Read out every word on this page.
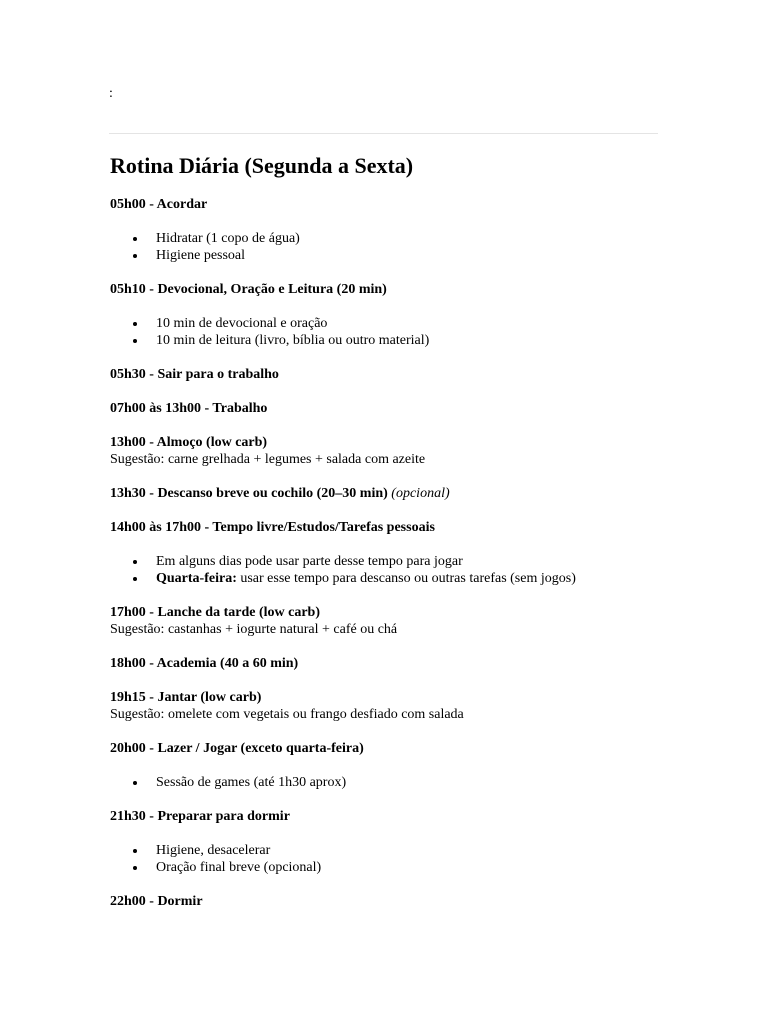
:
Rotina Diária (Segunda a Sexta)
05h00 - Acordar
Hidratar (1 copo de água)
Higiene pessoal
05h10 - Devocional, Oração e Leitura (20 min)
10 min de devocional e oração
10 min de leitura (livro, bíblia ou outro material)
05h30 - Sair para o trabalho
07h00 às 13h00 - Trabalho
13h00 - Almoço (low carb)
Sugestão: carne grelhada + legumes + salada com azeite
13h30 - Descanso breve ou cochilo (20–30 min) (opcional)
14h00 às 17h00 - Tempo livre/Estudos/Tarefas pessoais
Em alguns dias pode usar parte desse tempo para jogar
Quarta-feira: usar esse tempo para descanso ou outras tarefas (sem jogos)
17h00 - Lanche da tarde (low carb)
Sugestão: castanhas + iogurte natural + café ou chá
18h00 - Academia (40 a 60 min)
19h15 - Jantar (low carb)
Sugestão: omelete com vegetais ou frango desfiado com salada
20h00 - Lazer / Jogar (exceto quarta-feira)
Sessão de games (até 1h30 aprox)
21h30 - Preparar para dormir
Higiene, desacelerar
Oração final breve (opcional)
22h00 - Dormir
